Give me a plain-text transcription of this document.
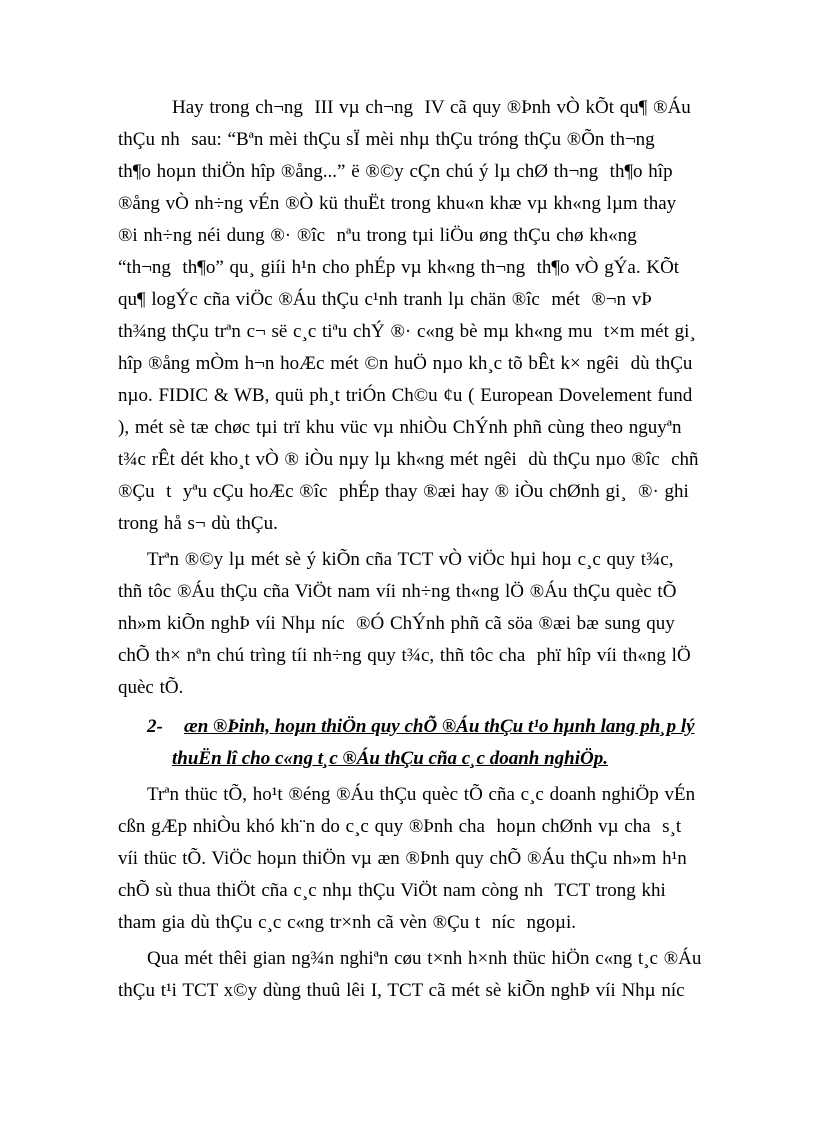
Hay trong ch¬ng  III vµ ch¬ng  IV cã quy ®Þnh vÒ kÕt qu¶ ®Áu
thÇu nh  sau: “Bªn mèi thÇu sÏ mèi nhµ thÇu tróng thÇu ®Õn th¬ng
th¶o hoµn thiÖn hîp ®ång...” ë ®©y cÇn chú ý lµ chØ th¬ng  th¶o hîp
®ång vÒ nh÷ng vÉn ®Ò kü thuËt trong khu«n khæ vµ kh«ng lµm thay
®i nh÷ng néi dung ®· ®îc  nªu trong tµi liÖu øng thÇu chø kh«ng
“th¬ng  th¶o” qu¸ giíi h¹n cho phÉp vµ kh«ng th¬ng  th¶o vÒ gÝa. KÕt
qu¶ logÝc cña viÖc ®Áu thÇu c¹nh tranh lµ chän ®îc  mét  ®¬n vÞ
th¾ng thÇu trªn c¬ së c¸c tiªu chÝ ®· c«ng bè mµ kh«ng mu  t×m mét gi¸
hîp ®ång mÒm h¬n hoÆc mét ©n huÖ nµo kh¸c tõ bÊt k× ngêi  dù thÇu
nµo. FIDIC & WB, quü ph¸t triÓn Ch©u ¢u ( European Dovelement fund
), mét sè tæ chøc tµi trï khu vüc vµ nhiÒu ChÝnh phñ cùng theo nguyªn
t¾c rÊt dét kho¸t vÒ ® iÒu nµy lµ kh«ng mét ngêi  dù thÇu nµo ®îc  chñ
®Çu  t  yªu cÇu hoÆc ®îc  phÉp thay ®æi hay ® iÒu chØnh gi¸  ®· ghi
trong hå s¬ dù thÇu.
Trªn ®©y lµ mét sè ý kiÕn cña TCT vÒ viÖc hµi hoµ c¸c quy t¾c,
thñ tôc ®Áu thÇu cña ViÖt nam víi nh÷ng th«ng lÖ ®Áu thÇu quèc tÕ
nh»m kiÕn nghÞ víi Nhµ níc  ®Ó ChÝnh phñ cã söa ®æi bæ sung quy
chÕ th× nªn chú trìng tíi nh÷ng quy t¾c, thñ tôc cha  phï hîp víi th«ng lÖ
quèc tÕ.
2- æn ®Þinh, hoµn thiÖn quy chÕ ®Áu thÇu t¹o hµnh lang ph¸p lý
thuËn lî cho c«ng t¸c ®Áu thÇu cña c¸c doanh nghiÖp.
Trªn thüc tÕ, ho¹t ®éng ®Áu thÇu quèc tÕ cña c¸c doanh nghiÖp vÉn
cßn gÆp nhiÒu khó kh¨n do c¸c quy ®Þnh cha  hoµn chØnh vµ cha  s¸t
víi thüc tÕ. ViÖc hoµn thiÖn vµ æn ®Þnh quy chÕ ®Áu thÇu nh»m h¹n
chÕ sù thua thiÖt cña c¸c nhµ thÇu ViÖt nam còng nh  TCT trong khi
tham gia dù thÇu c¸c c«ng tr×nh cã vèn ®Çu t  níc  ngoµi.
Qua mét thêi gian ng¾n nghiªn cøu t×nh h×nh thüc hiÖn c«ng t¸c ®Áu
thÇu t¹i TCT x©y dùng thuû lêi I, TCT cã mét sè kiÕn nghÞ víi Nhµ níc
